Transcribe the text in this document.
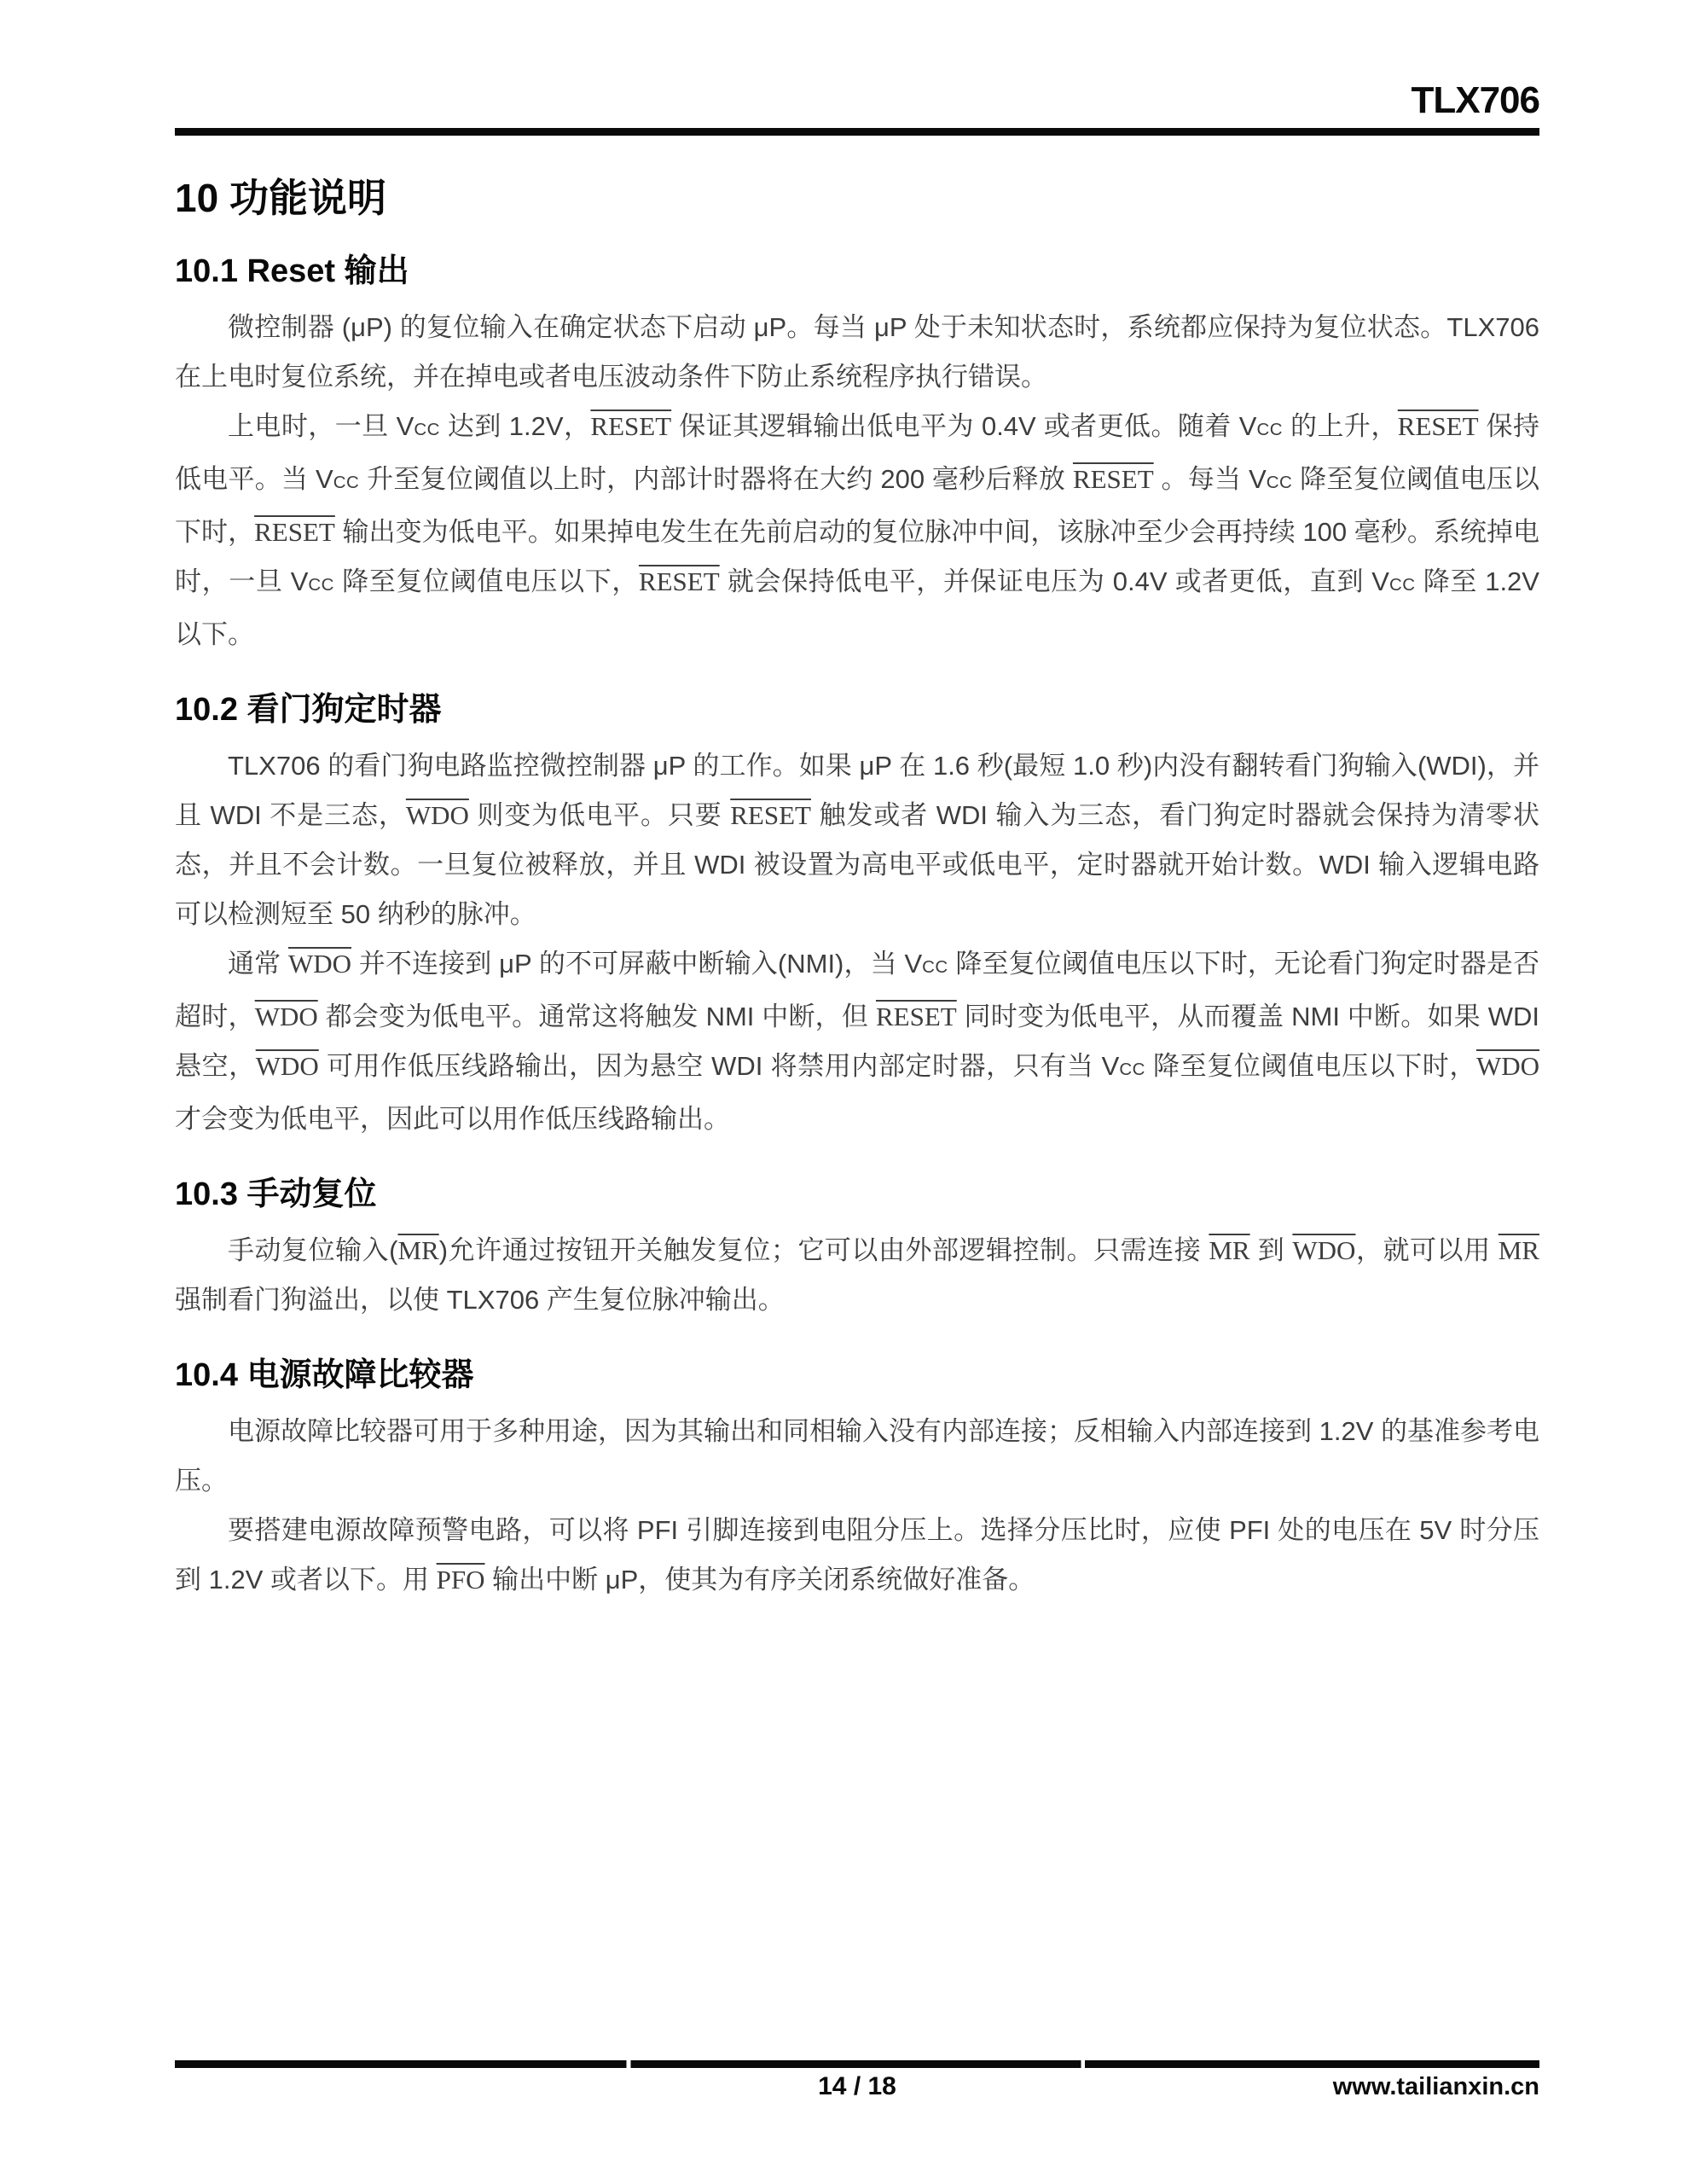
TLX706
10 功能说明
10.1 Reset 输出

微控制器 (μP) 的复位输入在确定状态下启动 μP。每当 μP 处于未知状态时，系统都应保持为复位状态。TLX706 在上电时复位系统，并在掉电或者电压波动条件下防止系统程序执行错误。

上电时，一旦 VCC 达到 1.2V，RESET 保证其逻辑输出低电平为 0.4V 或者更低。随着 VCC 的上升，RESET 保持低电平。当 VCC 升至复位阈值以上时，内部计时器将在大约 200 毫秒后释放 RESET 。每当 VCC 降至复位阈值电压以下时，RESET 输出变为低电平。如果掉电发生在先前启动的复位脉冲中间，该脉冲至少会再持续 100 毫秒。系统掉电时，一旦 VCC 降至复位阈值电压以下，RESET 就会保持低电平，并保证电压为 0.4V 或者更低，直到 VCC 降至 1.2V 以下。

10.2 看门狗定时器

TLX706 的看门狗电路监控微控制器 μP 的工作。如果 μP 在 1.6 秒(最短 1.0 秒)内没有翻转看门狗输入(WDI)，并且 WDI 不是三态，$\overline{WDO}$ 则变为低电平。只要 RESET 触发或者 WDI 输入为三态，看门狗定时器就会保持为清零状态，并且不会计数。一旦复位被释放，并且 WDI 被设置为高电平或低电平，定时器就开始计数。WDI 输入逻辑电路可以检测短至 50 纳秒的脉冲。

通常 $\overline{WDO}$ 并不连接到 μP 的不可屏蔽中断输入(NMI)，当 VCC 降至复位阈值电压以下时，无论看门狗定时器是否超时，$\overline{WDO}$ 都会变为低电平。通常这将触发 NMI 中断，但 RESET 同时变为低电平，从而覆盖 NMI 中断。如果 WDI 悬空，$\overline{WDO}$ 可用作低压线路输出，因为悬空 WDI 将禁用内部定时器，只有当 VCC 降至复位阈值电压以下时，$\overline{WDO}$ 才会变为低电平，因此可以用作低压线路输出。

10.3 手动复位

手动复位输入$(\overline{MR})$允许通过按钮开关触发复位；它可以由外部逻辑控制。只需连接 $\overline{MR}$ 到 $\overline{WDO}$，就可以用 $\overline{MR}$ 强制看门狗溢出，以使 TLX706 产生复位脉冲输出。

10.4 电源故障比较器

电源故障比较器可用于多种用途，因为其输出和同相输入没有内部连接；反相输入内部连接到 1.2V 的基准参考电压。

要搭建电源故障预警电路，可以将 PFI 引脚连接到电阻分压上。选择分压比时，应使 PFI 处的电压在 5V 时分压到 1.2V 或者以下。用 $\overline{PFO}$ 输出中断 μP，使其为有序关闭系统做好准备。

14 / 18	www.tailianxin.cn
